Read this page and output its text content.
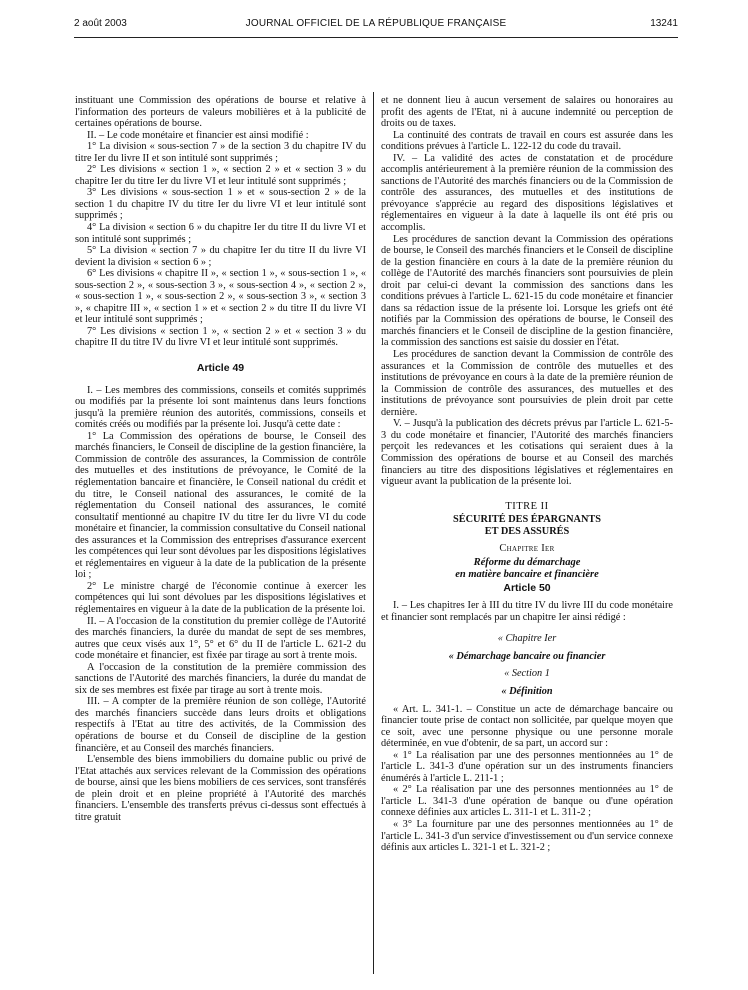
2 août 2003	JOURNAL OFFICIEL DE LA RÉPUBLIQUE FRANÇAISE	13241

instituant une Commission des opérations de bourse et relative à l'information des porteurs de valeurs mobilières et à la publicité de certaines opérations de bourse.

II. – Le code monétaire et financier est ainsi modifié :

1° La division « sous-section 7 » de la section 3 du chapitre IV du titre Ier du livre II et son intitulé sont supprimés ;

2° Les divisions « section 1 », « section 2 » et « section 3 » du chapitre Ier du titre Ier du livre VI et leur intitulé sont supprimés ;

3° Les divisions « sous-section 1 » et « sous-section 2 » de la section 1 du chapitre IV du titre Ier du livre VI et leur intitulé sont supprimés ;

4° La division « section 6 » du chapitre Ier du titre II du livre VI et son intitulé sont supprimés ;

5° La division « section 7 » du chapitre Ier du titre II du livre VI devient la division « section 6 » ;

6° Les divisions « chapitre II », « section 1 », « sous-section 1 », « sous-section 2 », « sous-section 3 », « sous-section 4 », « section 2 », « sous-section 1 », « sous-section 2 », « sous-section 3 », « section 3 », « chapitre III », « section 1 » et « section 2 » du titre II du livre VI et leur intitulé sont supprimés ;

7° Les divisions « section 1 », « section 2 » et « section 3 » du chapitre II du titre IV du livre VI et leur intitulé sont supprimés.

Article 49

I. – Les membres des commissions, conseils et comités supprimés ou modifiés par la présente loi sont maintenus dans leurs fonctions jusqu'à la première réunion des autorités, commissions, conseils et comités créés ou modifiés par la présente loi. Jusqu'à cette date :

1° La Commission des opérations de bourse, le Conseil des marchés financiers, le Conseil de discipline de la gestion financière, la Commission de contrôle des assurances, la Commission de contrôle des mutuelles et des institutions de prévoyance, le Comité de la réglementation bancaire et financière, le Conseil national du crédit et du titre, le Conseil national des assurances, le comité de la réglementation du Conseil national des assurances, le comité consultatif mentionné au chapitre IV du titre Ier du livre VI du code monétaire et financier, la commission consultative du Conseil national des assurances et la Commission des entreprises d'assurance exercent les compétences qui leur sont dévolues par les dispositions législatives et réglementaires en vigueur à la date de la publication de la présente loi ;

2° Le ministre chargé de l'économie continue à exercer les compétences qui lui sont dévolues par les dispositions législatives et réglementaires en vigueur à la date de la publication de la présente loi.

II. – A l'occasion de la constitution du premier collège de l'Autorité des marchés financiers, la durée du mandat de sept de ses membres, autres que ceux visés aux 1°, 5° et 6° du II de l'article L. 621-2 du code monétaire et financier, est fixée par tirage au sort à trente mois.

A l'occasion de la constitution de la première commission des sanctions de l'Autorité des marchés financiers, la durée du mandat de six de ses membres est fixée par tirage au sort à trente mois.

III. – A compter de la première réunion de son collège, l'Autorité des marchés financiers succède dans leurs droits et obligations respectifs à l'Etat au titre des activités, de la Commission des opérations de bourse et du Conseil de discipline de la gestion financière, et au Conseil des marchés financiers.

L'ensemble des biens immobiliers du domaine public ou privé de l'Etat attachés aux services relevant de la Commission des opérations de bourse, ainsi que les biens mobiliers de ces services, sont transférés de plein droit et en pleine propriété à l'Autorité des marchés financiers. L'ensemble des transferts prévus ci-dessus sont effectués à titre gratuit

et ne donnent lieu à aucun versement de salaires ou honoraires au profit des agents de l'Etat, ni à aucune indemnité ou perception de droits ou de taxes.

La continuité des contrats de travail en cours est assurée dans les conditions prévues à l'article L. 122-12 du code du travail.

IV. – La validité des actes de constatation et de procédure accomplis antérieurement à la première réunion de la commission des sanctions de l'Autorité des marchés financiers ou de la Commission de contrôle des assurances, des mutuelles et des institutions de prévoyance s'apprécie au regard des dispositions législatives et réglementaires en vigueur à la date à laquelle ils ont été pris ou accomplis.

Les procédures de sanction devant la Commission des opérations de bourse, le Conseil des marchés financiers et le Conseil de discipline de la gestion financière en cours à la date de la première réunion du collège de l'Autorité des marchés financiers sont poursuivies de plein droit par celui-ci devant la commission des sanctions dans les conditions prévues à l'article L. 621-15 du code monétaire et financier dans sa rédaction issue de la présente loi. Lorsque les griefs ont été notifiés par la Commission des opérations de bourse, le Conseil des marchés financiers et le Conseil de discipline de la gestion financière, la commission des sanctions est saisie du dossier en l'état.

Les procédures de sanction devant la Commission de contrôle des assurances et la Commission de contrôle des mutuelles et des institutions de prévoyance en cours à la date de la première réunion de la Commission de contrôle des assurances, des mutuelles et des institutions de prévoyance sont poursuivies de plein droit par cette dernière.

V. – Jusqu'à la publication des décrets prévus par l'article L. 621-5-3 du code monétaire et financier, l'Autorité des marchés financiers perçoit les redevances et les cotisations qui seraient dues à la Commission des opérations de bourse et au Conseil des marchés financiers au titre des dispositions législatives et réglementaires en vigueur avant la publication de la présente loi.

TITRE II
SÉCURITÉ DES ÉPARGNANTS
ET DES ASSURÉS
Chapitre Ier
Réforme du démarchage
en matière bancaire et financière
Article 50

I. – Les chapitres Ier à III du titre IV du livre III du code monétaire et financier sont remplacés par un chapitre Ier ainsi rédigé :

« Chapitre Ier
« Démarchage bancaire ou financier
« Section 1
« Définition

« Art. L. 341-1. – Constitue un acte de démarchage bancaire ou financier toute prise de contact non sollicitée, par quelque moyen que ce soit, avec une personne physique ou une personne morale déterminée, en vue d'obtenir, de sa part, un accord sur :

« 1° La réalisation par une des personnes mentionnées au 1° de l'article L. 341-3 d'une opération sur un des instruments financiers énumérés à l'article L. 211-1 ;

« 2° La réalisation par une des personnes mentionnées au 1° de l'article L. 341-3 d'une opération de banque ou d'une opération connexe définies aux articles L. 311-1 et L. 311-2 ;

« 3° La fourniture par une des personnes mentionnées au 1° de l'article L. 341-3 d'un service d'investissement ou d'un service connexe définis aux articles L. 321-1 et L. 321-2 ;
